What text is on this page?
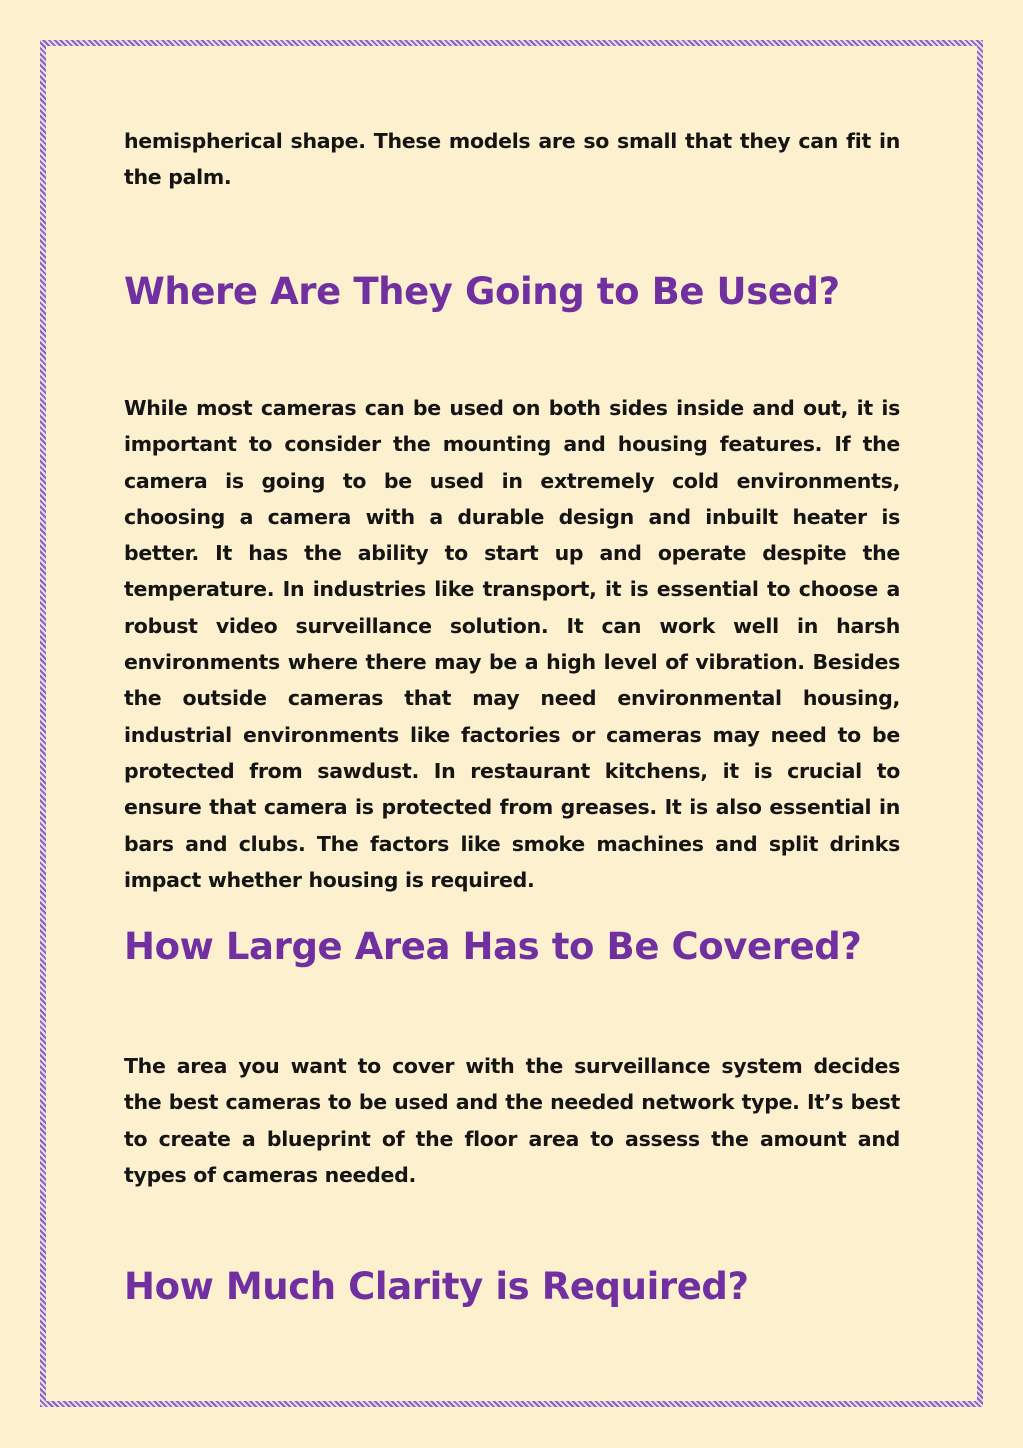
hemispherical shape. These models are so small that they can fit in the palm.

Where Are They Going to Be Used?

While most cameras can be used on both sides inside and out, it is important to consider the mounting and housing features. If the camera is going to be used in extremely cold environments, choosing a camera with a durable design and inbuilt heater is better. It has the ability to start up and operate despite the temperature. In industries like transport, it is essential to choose a robust video surveillance solution. It can work well in harsh environments where there may be a high level of vibration. Besides the outside cameras that may need environmental housing, industrial environments like factories or cameras may need to be protected from sawdust. In restaurant kitchens, it is crucial to ensure that camera is protected from greases. It is also essential in bars and clubs. The factors like smoke machines and split drinks impact whether housing is required.

How Large Area Has to Be Covered?

The area you want to cover with the surveillance system decides the best cameras to be used and the needed network type. It’s best to create a blueprint of the floor area to assess the amount and types of cameras needed.

How Much Clarity is Required?
